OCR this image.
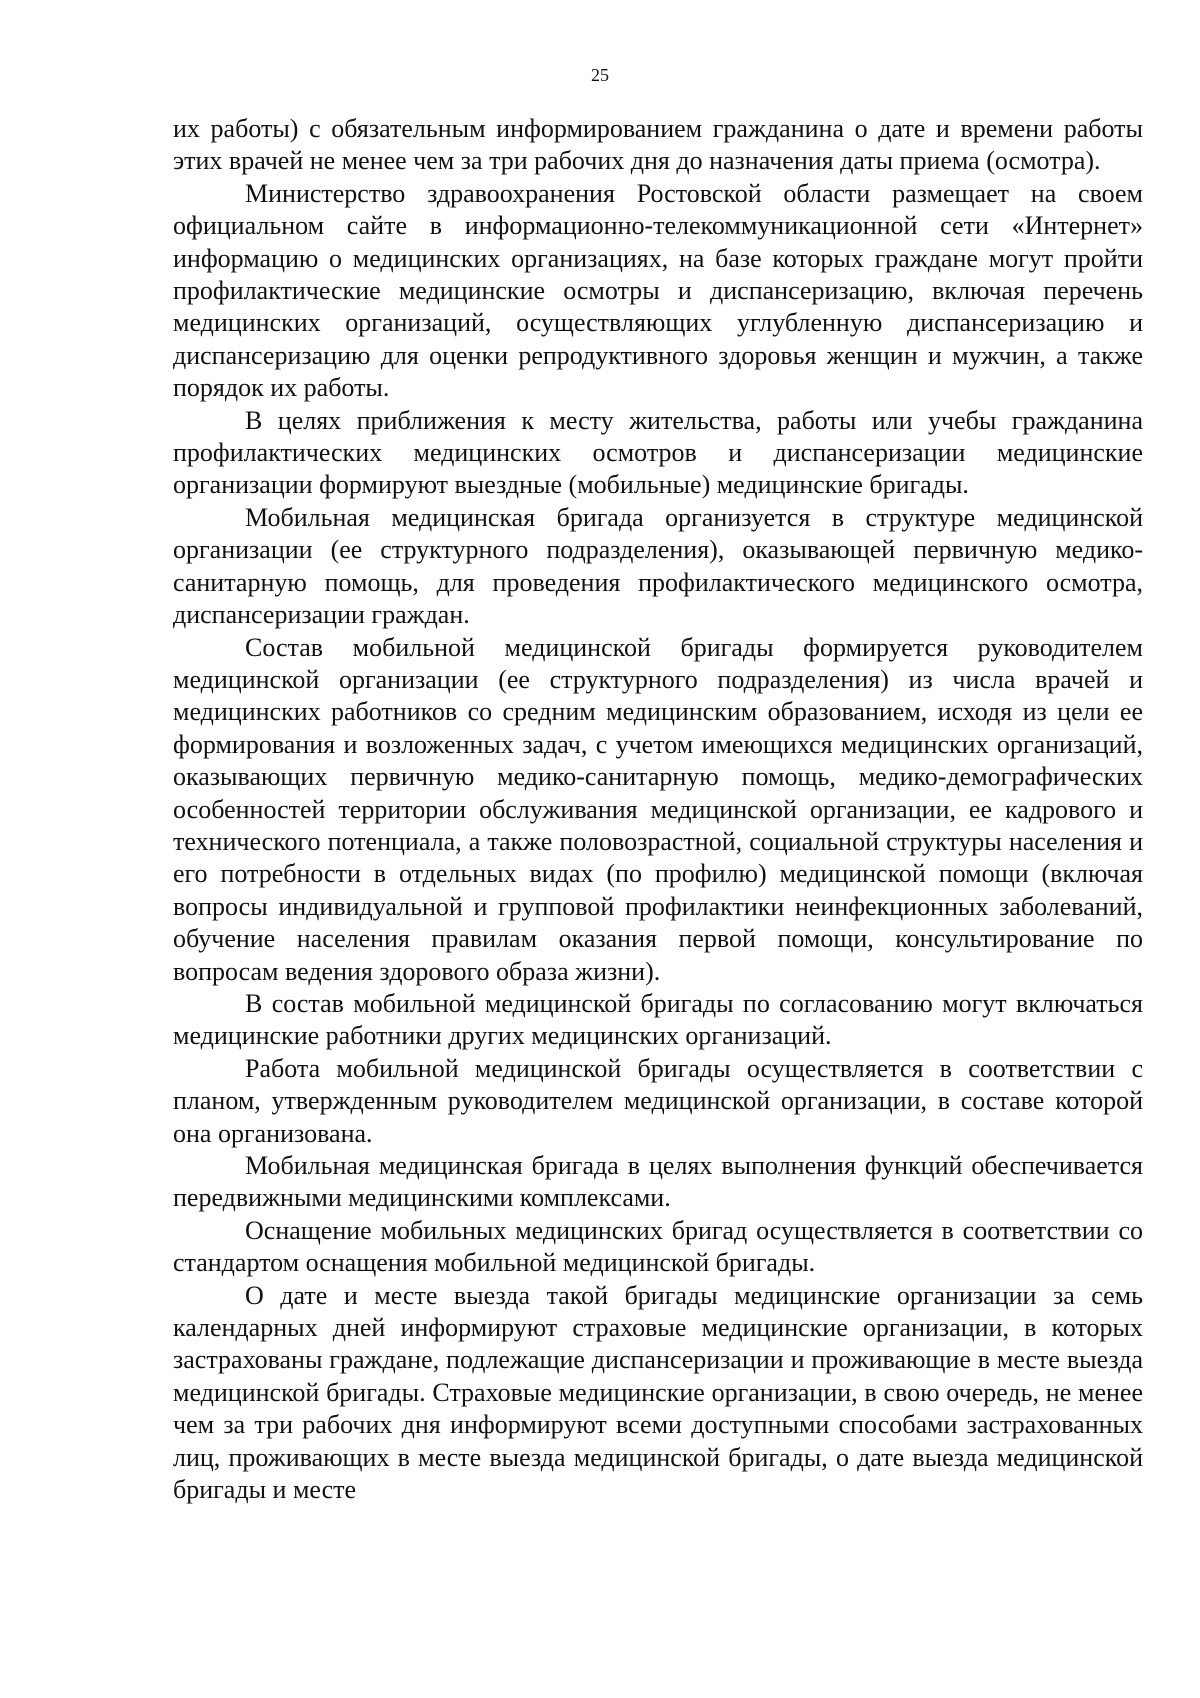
25

их работы) с обязательным информированием гражданина о дате и времени работы этих врачей не менее чем за три рабочих дня до назначения даты приема (осмотра).

Министерство здравоохранения Ростовской области размещает на своем официальном сайте в информационно-телекоммуникационной сети «Интернет» информацию о медицинских организациях, на базе которых граждане могут пройти профилактические медицинские осмотры и диспансеризацию, включая перечень медицинских организаций, осуществляющих углубленную диспансеризацию и диспансеризацию для оценки репродуктивного здоровья женщин и мужчин, а также порядок их работы.

В целях приближения к месту жительства, работы или учебы гражданина профилактических медицинских осмотров и диспансеризации медицинские организации формируют выездные (мобильные) медицинские бригады.

Мобильная медицинская бригада организуется в структуре медицинской организации (ее структурного подразделения), оказывающей первичную медико-санитарную помощь, для проведения профилактического медицинского осмотра, диспансеризации граждан.

Состав мобильной медицинской бригады формируется руководителем медицинской организации (ее структурного подразделения) из числа врачей и медицинских работников со средним медицинским образованием, исходя из цели ее формирования и возложенных задач, с учетом имеющихся медицинских организаций, оказывающих первичную медико-санитарную помощь, медико-демографических особенностей территории обслуживания медицинской организации, ее кадрового и технического потенциала, а также половозрастной, социальной структуры населения и его потребности в отдельных видах (по профилю) медицинской помощи (включая вопросы индивидуальной и групповой профилактики неинфекционных заболеваний, обучение населения правилам оказания первой помощи, консультирование по вопросам ведения здорового образа жизни).

В состав мобильной медицинской бригады по согласованию могут включаться медицинские работники других медицинских организаций.

Работа мобильной медицинской бригады осуществляется в соответствии с планом, утвержденным руководителем медицинской организации, в составе которой она организована.

Мобильная медицинская бригада в целях выполнения функций обеспечивается передвижными медицинскими комплексами.

Оснащение мобильных медицинских бригад осуществляется в соответствии со стандартом оснащения мобильной медицинской бригады.

О дате и месте выезда такой бригады медицинские организации за семь календарных дней информируют страховые медицинские организации, в которых застрахованы граждане, подлежащие диспансеризации и проживающие в месте выезда медицинской бригады. Страховые медицинские организации, в свою очередь, не менее чем за три рабочих дня информируют всеми доступными способами застрахованных лиц, проживающих в месте выезда медицинской бригады, о дате выезда медицинской бригады и месте
